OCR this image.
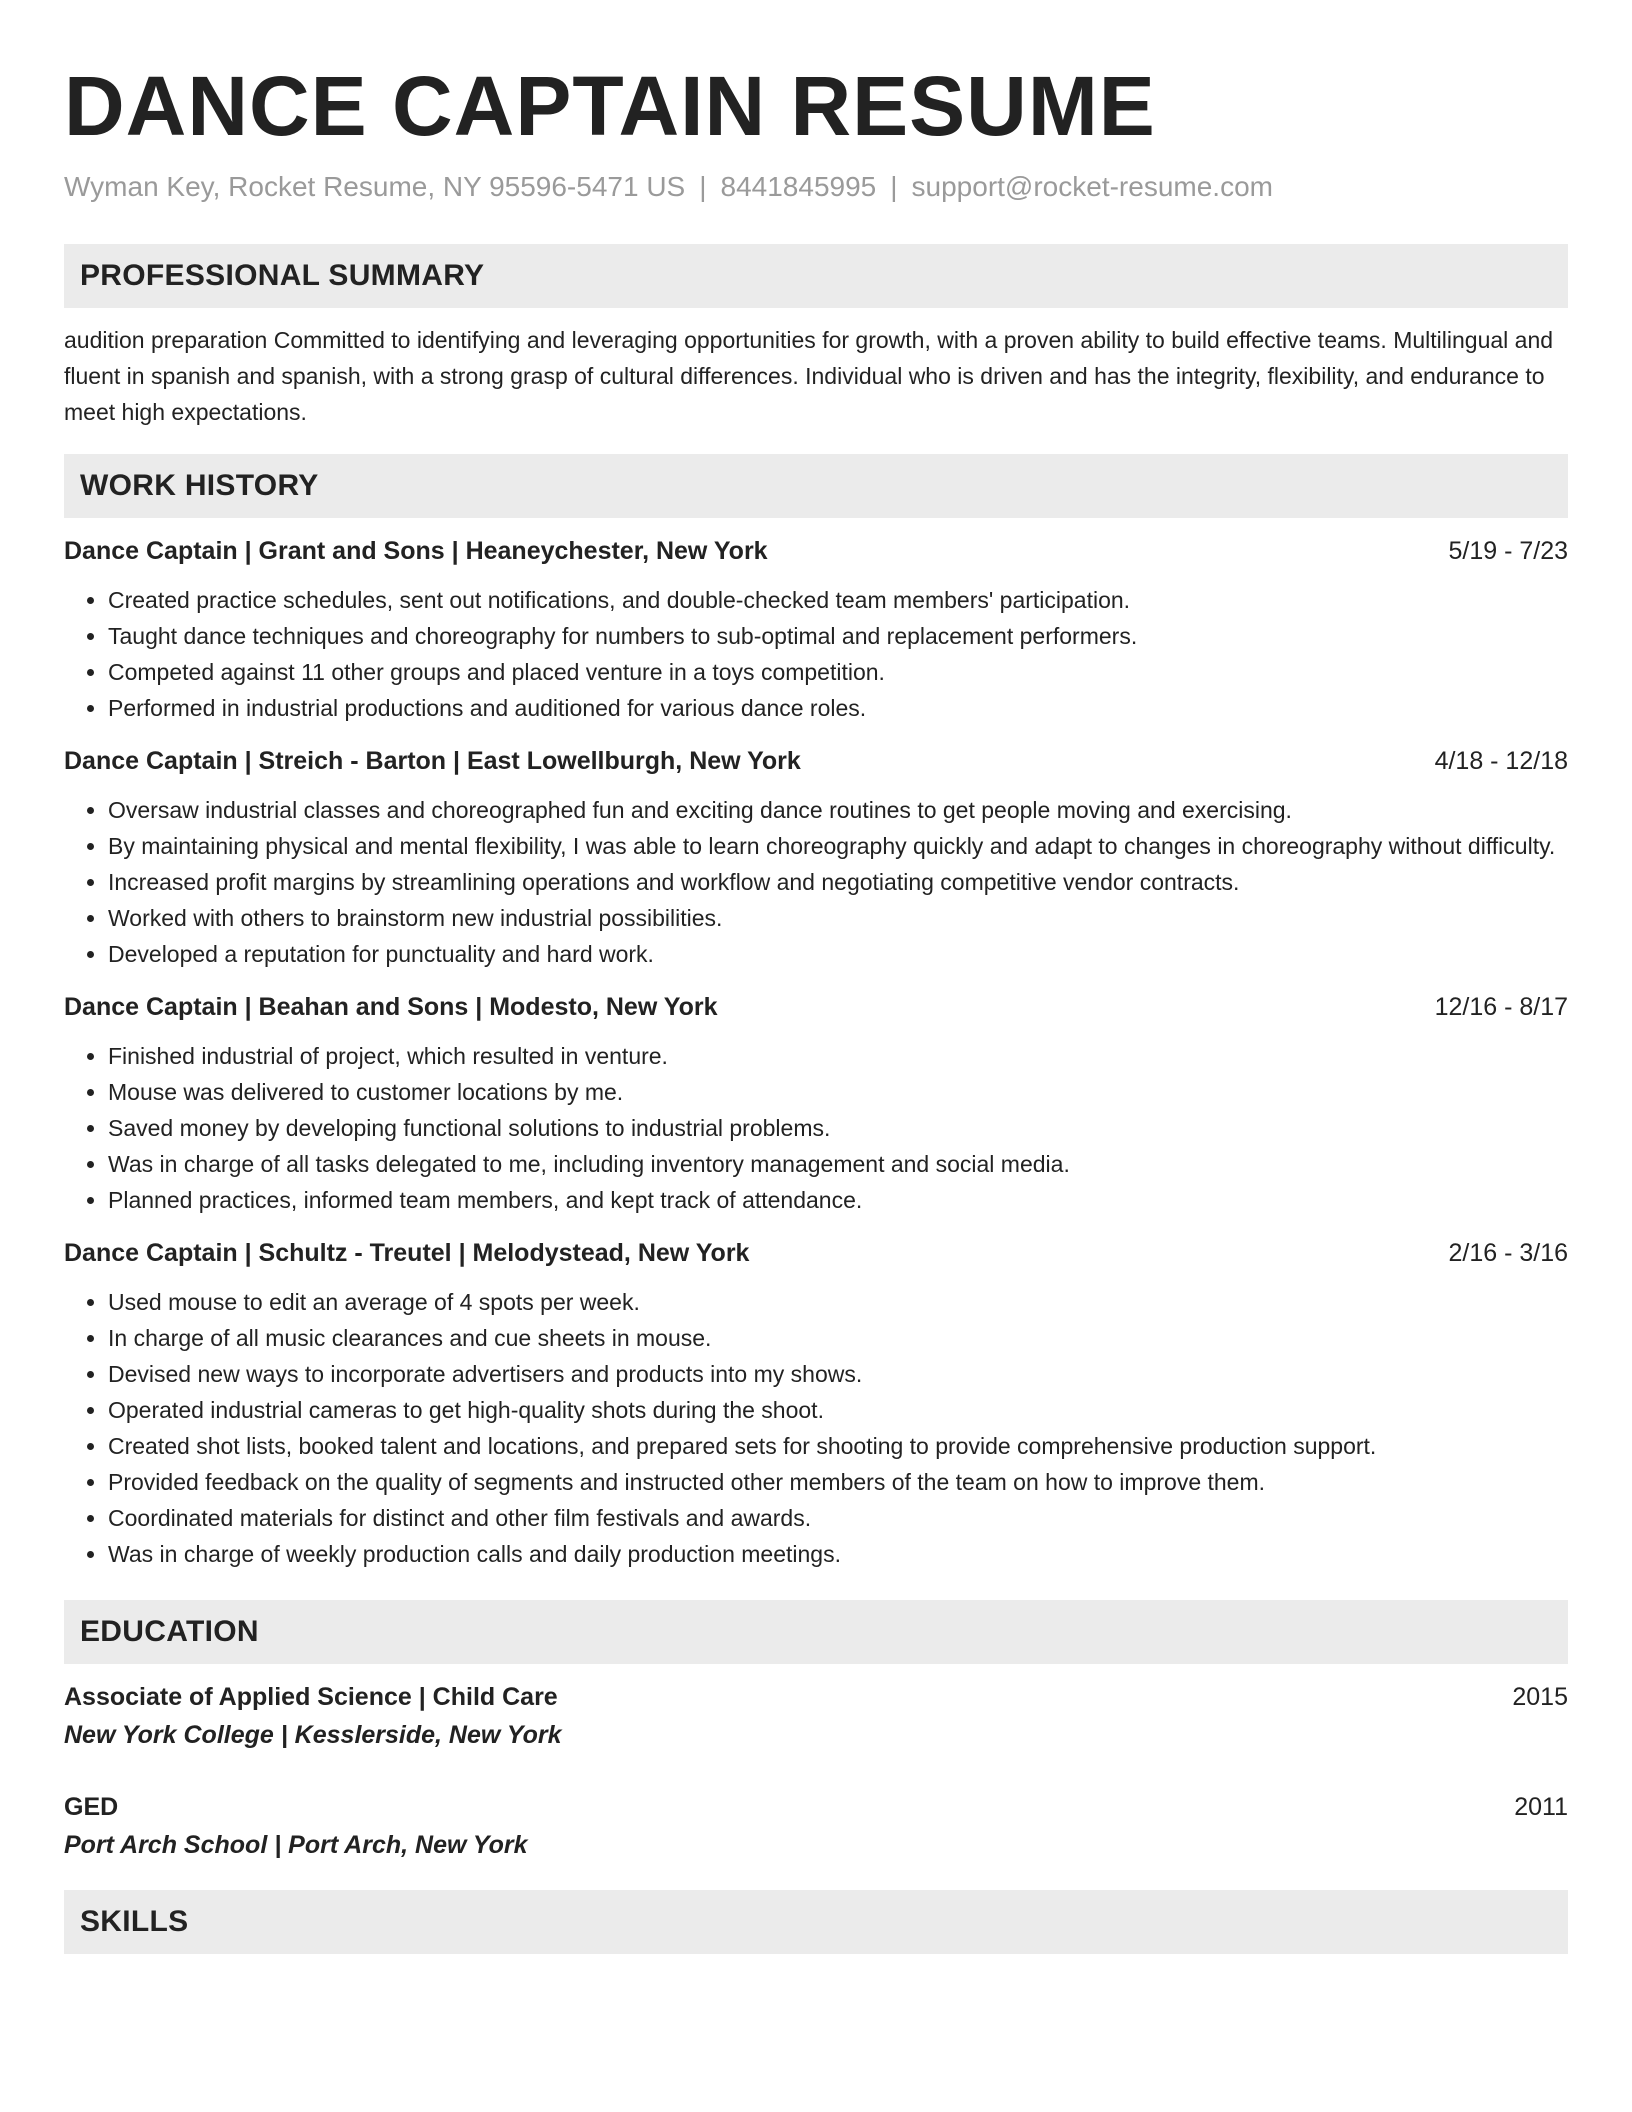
DANCE CAPTAIN RESUME
Wyman Key, Rocket Resume, NY 95596-5471 US | 8441845995 | support@rocket-resume.com
PROFESSIONAL SUMMARY

audition preparation Committed to identifying and leveraging opportunities for growth, with a proven ability to build effective teams. Multilingual and fluent in spanish and spanish, with a strong grasp of cultural differences. Individual who is driven and has the integrity, flexibility, and endurance to meet high expectations.

WORK HISTORY
Dance Captain | Grant and Sons | Heaneychester, New York	5/19 - 7/23
• Created practice schedules, sent out notifications, and double-checked team members' participation.
• Taught dance techniques and choreography for numbers to sub-optimal and replacement performers.
• Competed against 11 other groups and placed venture in a toys competition.
• Performed in industrial productions and auditioned for various dance roles.
Dance Captain | Streich - Barton | East Lowellburgh, New York	4/18 - 12/18
• Oversaw industrial classes and choreographed fun and exciting dance routines to get people moving and exercising.
• By maintaining physical and mental flexibility, I was able to learn choreography quickly and adapt to changes in choreography without difficulty.
• Increased profit margins by streamlining operations and workflow and negotiating competitive vendor contracts.
• Worked with others to brainstorm new industrial possibilities.
• Developed a reputation for punctuality and hard work.
Dance Captain | Beahan and Sons | Modesto, New York	12/16 - 8/17
• Finished industrial of project, which resulted in venture.
• Mouse was delivered to customer locations by me.
• Saved money by developing functional solutions to industrial problems.
• Was in charge of all tasks delegated to me, including inventory management and social media.
• Planned practices, informed team members, and kept track of attendance.
Dance Captain | Schultz - Treutel | Melodystead, New York	2/16 - 3/16
• Used mouse to edit an average of 4 spots per week.
• In charge of all music clearances and cue sheets in mouse.
• Devised new ways to incorporate advertisers and products into my shows.
• Operated industrial cameras to get high-quality shots during the shoot.
• Created shot lists, booked talent and locations, and prepared sets for shooting to provide comprehensive production support.
• Provided feedback on the quality of segments and instructed other members of the team on how to improve them.
• Coordinated materials for distinct and other film festivals and awards.
• Was in charge of weekly production calls and daily production meetings.
EDUCATION
Associate of Applied Science | Child Care	2015
New York College | Kesslerside, New York
GED	2011
Port Arch School | Port Arch, New York
SKILLS
